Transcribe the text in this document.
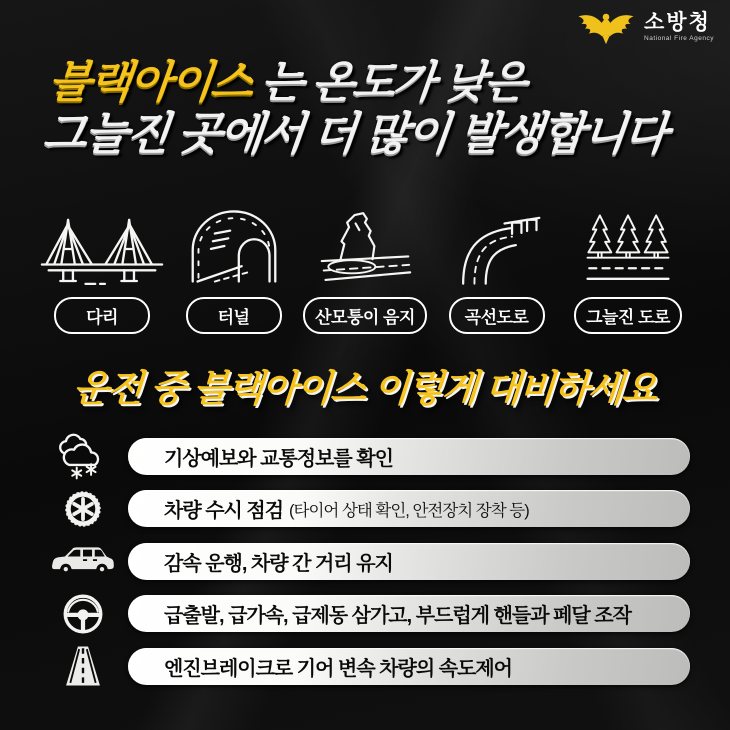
소방청
National Fire Agency
블랙아이스 는 온도가 낮은
그늘진 곳에서 더 많이 발생합니다
다리	터널	산모퉁이 음지	곡선도로	그늘진 도로
운전 중 블랙아이스 이렇게 대비하세요
기상예보와 교통정보를 확인
차량 수시 점검 (타이어 상태 확인, 안전장치 장착 등)
감속 운행, 차량 간 거리 유지
급출발, 급가속, 급제동 삼가고, 부드럽게 핸들과 페달 조작
엔진브레이크로 기어 변속 차량의 속도제어
